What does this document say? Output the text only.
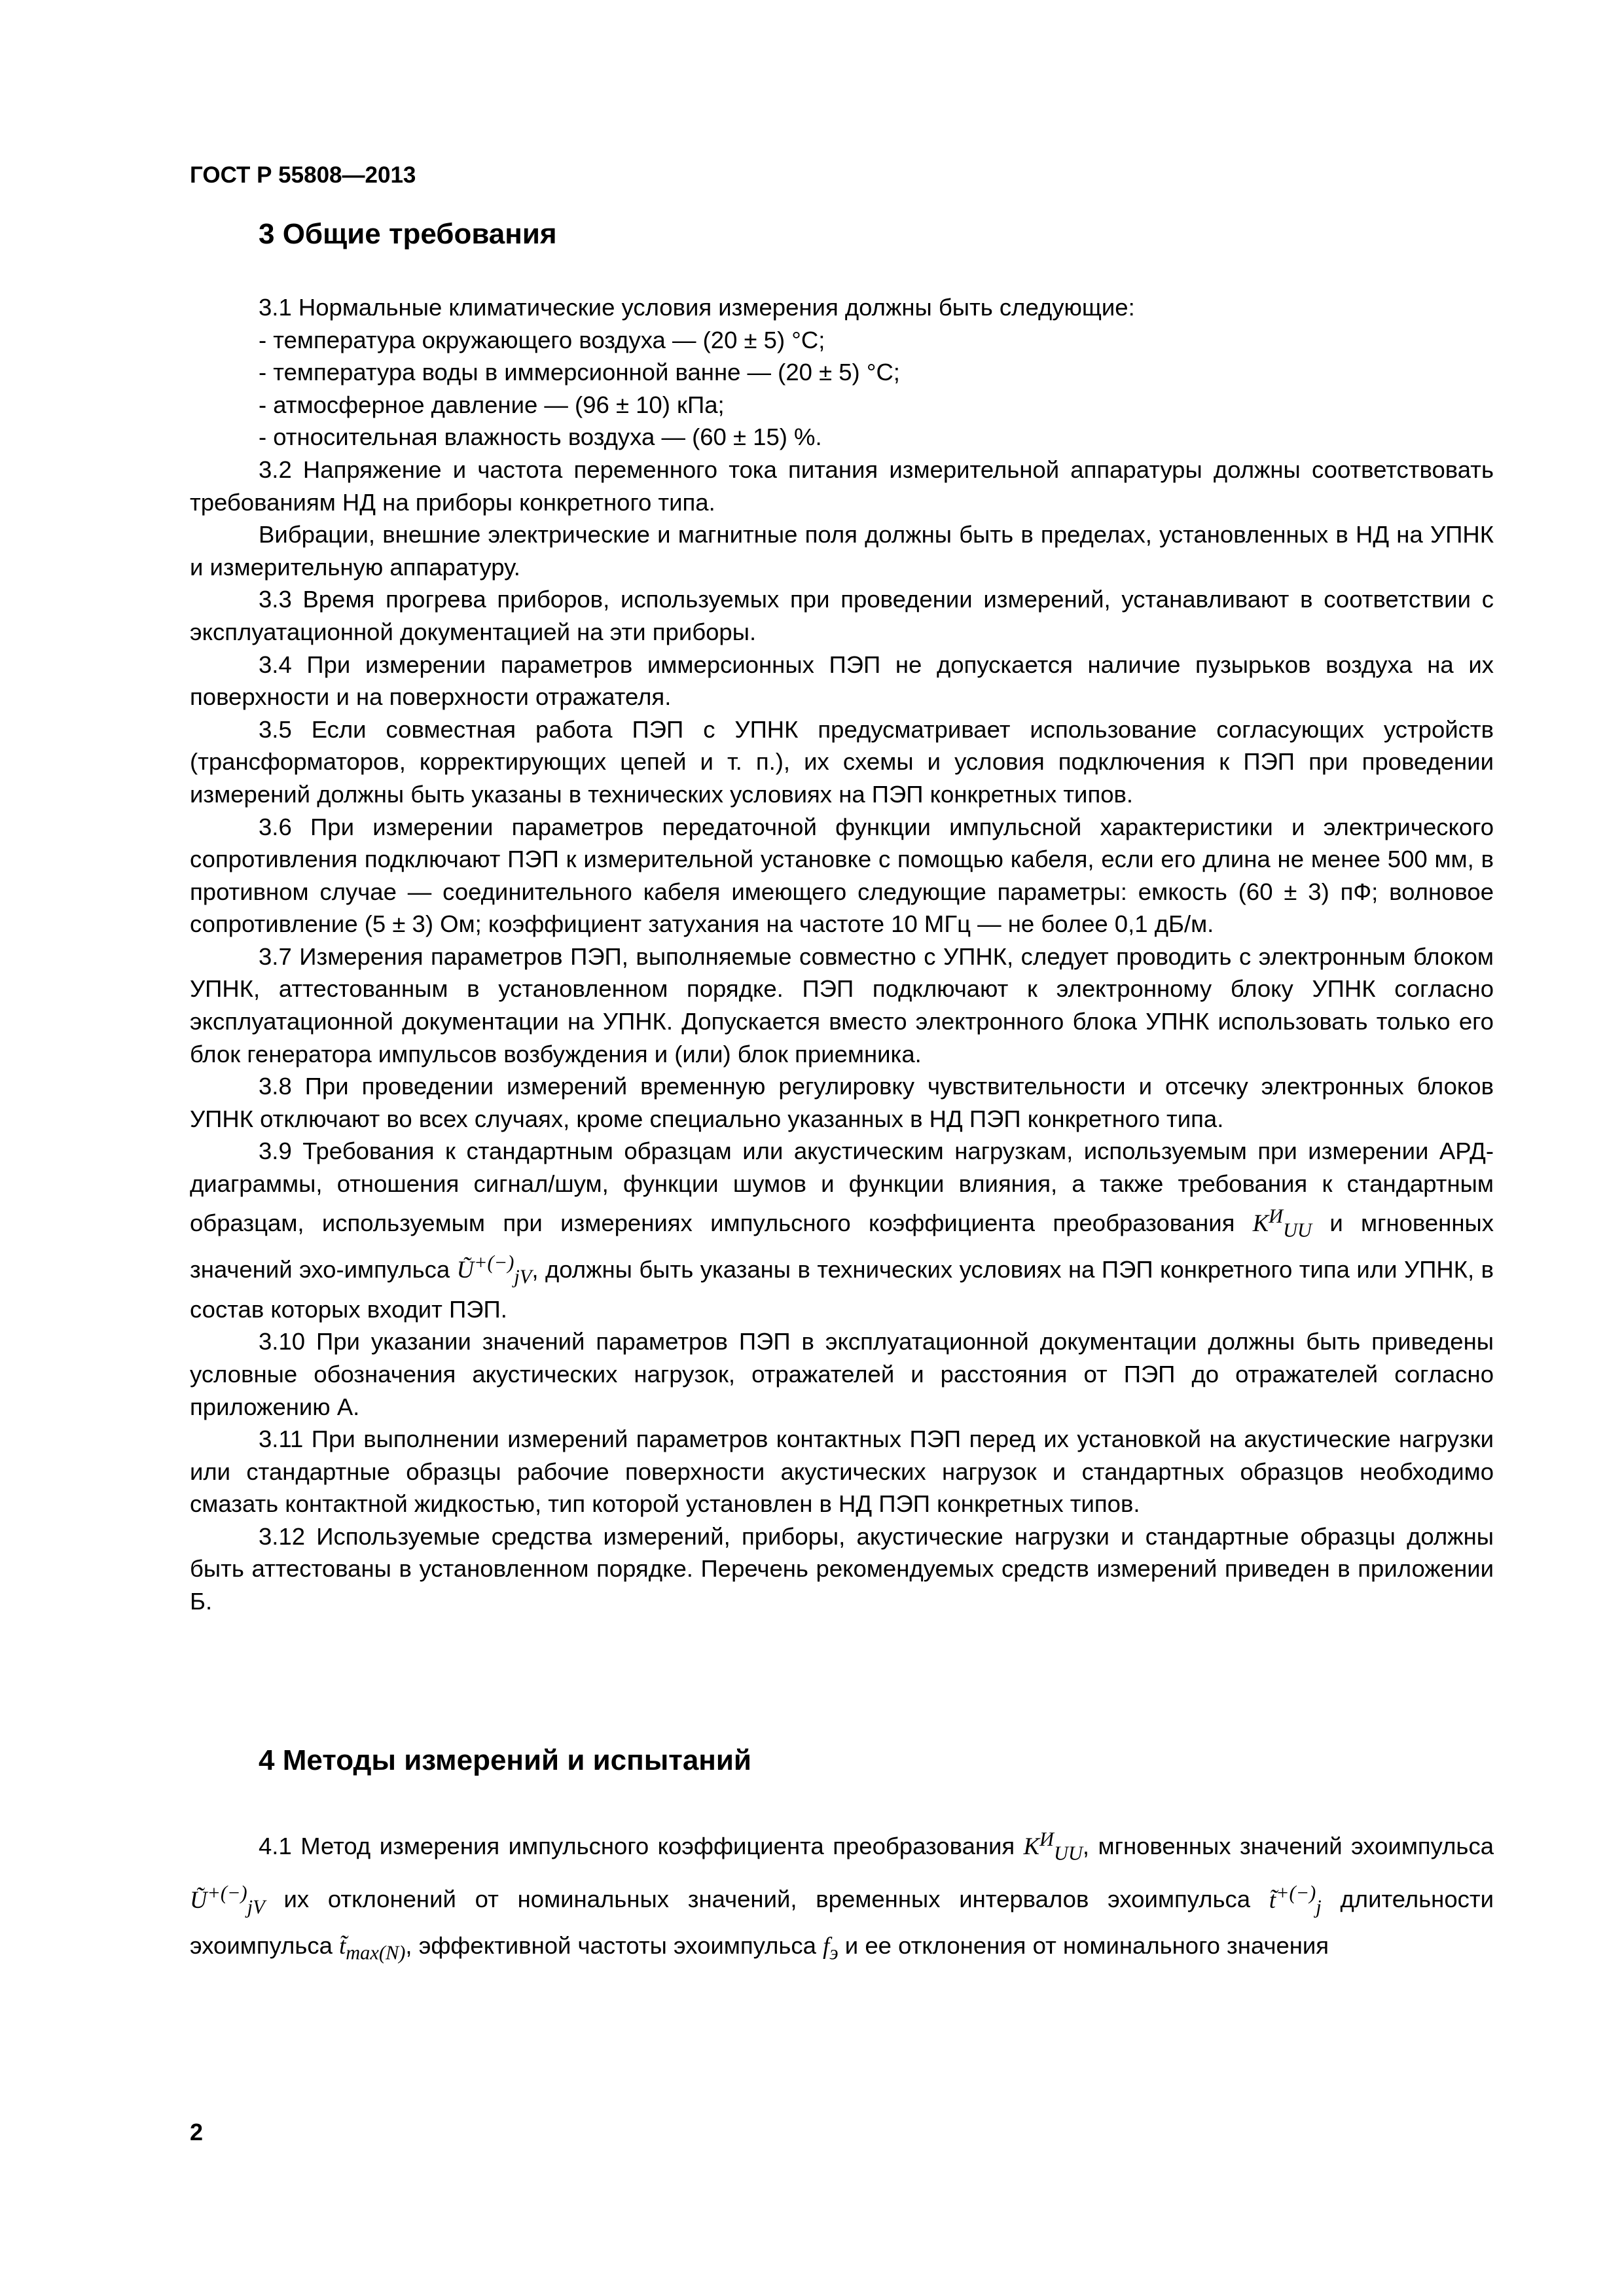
ГОСТ Р 55808—2013
3 Общие требования

3.1 Нормальные климатические условия измерения должны быть следующие:

- температура окружающего воздуха — (20 ± 5) °С;

- температура воды в иммерсионной ванне — (20 ± 5) °С;

- атмосферное давление — (96 ± 10) кПа;

- относительная влажность воздуха — (60 ± 15) %.

3.2 Напряжение и частота переменного тока питания измерительной аппаратуры должны соответствовать требованиям НД на приборы конкретного типа.

Вибрации, внешние электрические и магнитные поля должны быть в пределах, установленных в НД на УПНК и измерительную аппаратуру.

3.3 Время прогрева приборов, используемых при проведении измерений, устанавливают в соответствии с эксплуатационной документацией на эти приборы.

3.4 При измерении параметров иммерсионных ПЭП не допускается наличие пузырьков воздуха на их поверхности и на поверхности отражателя.

3.5 Если совместная работа ПЭП с УПНК предусматривает использование согласующих устройств (трансформаторов, корректирующих цепей и т. п.), их схемы и условия подключения к ПЭП при проведении измерений должны быть указаны в технических условиях на ПЭП конкретных типов.

3.6 При измерении параметров передаточной функции импульсной характеристики и электрического сопротивления подключают ПЭП к измерительной установке с помощью кабеля, если его длина не менее 500 мм, в противном случае — соединительного кабеля имеющего следующие параметры: емкость (60 ± 3) пФ; волновое сопротивление (5 ± 3) Ом; коэффициент затухания на частоте 10 МГц — не более 0,1 дБ/м.

3.7 Измерения параметров ПЭП, выполняемые совместно с УПНК, следует проводить с электронным блоком УПНК, аттестованным в установленном порядке. ПЭП подключают к электронному блоку УПНК согласно эксплуатационной документации на УПНК. Допускается вместо электронного блока УПНК использовать только его блок генератора импульсов возбуждения и (или) блок приемника.

3.8 При проведении измерений временную регулировку чувствительности и отсечку электронных блоков УПНК отключают во всех случаях, кроме специально указанных в НД ПЭП конкретного типа.

3.9 Требования к стандартным образцам или акустическим нагрузкам, используемым при измерении АРД-диаграммы, отношения сигнал/шум, функции шумов и функции влияния, а также требования к стандартным образцам, используемым при измерениях импульсного коэффициента преобразования $K^И_{UU}$ и мгновенных значений эхо-импульса $Ũ^{+(-)}_{jV}$, должны быть указаны в технических условиях на ПЭП конкретного типа или УПНК, в состав которых входит ПЭП.

3.10 При указании значений параметров ПЭП в эксплуатационной документации должны быть приведены условные обозначения акустических нагрузок, отражателей и расстояния от ПЭП до отражателей согласно приложению А.

3.11 При выполнении измерений параметров контактных ПЭП перед их установкой на акустические нагрузки или стандартные образцы рабочие поверхности акустических нагрузок и стандартных образцов необходимо смазать контактной жидкостью, тип которой установлен в НД ПЭП конкретных типов.

3.12 Используемые средства измерений, приборы, акустические нагрузки и стандартные образцы должны быть аттестованы в установленном порядке. Перечень рекомендуемых средств измерений приведен в приложении Б.

4 Методы измерений и испытаний

4.1 Метод измерения импульсного коэффициента преобразования $K^И_{UU}$, мгновенных значений эхоимпульса $Ũ^{+(-)}_{jV}$ их отклонений от номинальных значений, временных интервалов эхоимпульса $t̃^{+(-)}_j$ длительности эхоимпульса $t̃_{max(N)}$, эффективной частоты эхоимпульса $f_э$ и ее отклонения от номинального значения

2
